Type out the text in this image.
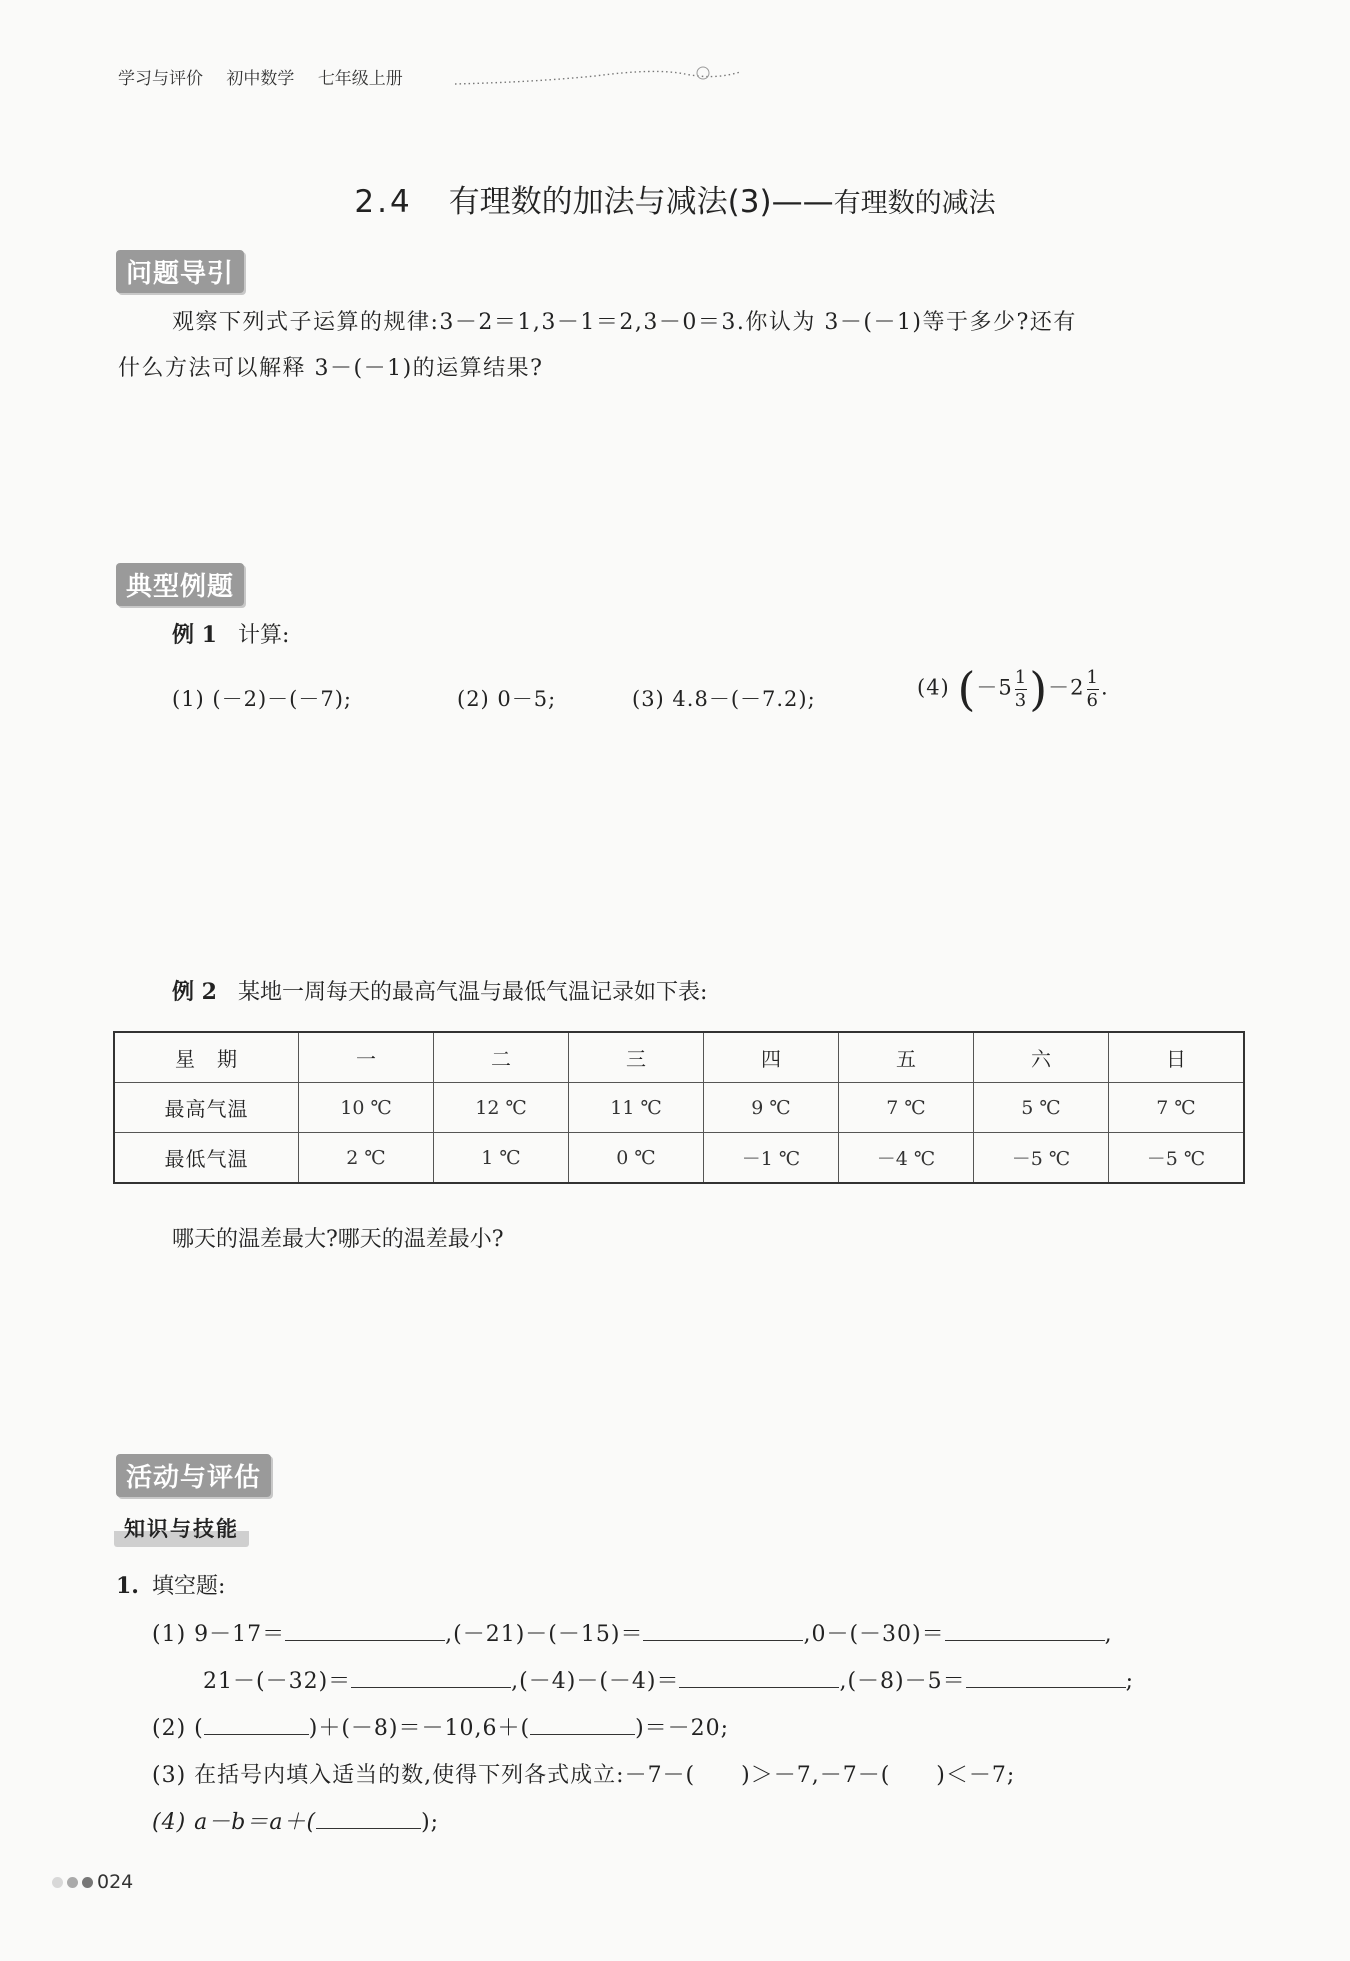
学习与评价 初中数学 七年级上册
2.4 有理数的加法与减法(3)——有理数的减法
问题导引
观察下列式子运算的规律:3－2＝1,3－1＝2,3－0＝3.你认为 3－(－1)等于多少?还有
什么方法可以解释 3－(－1)的运算结果?
典型例题
例 1 计算:
(1) (－2)－(－7);	(2) 0－5;	(3) 4.8－(－7.2);	(4) $(-5 \frac{1}{3} )-2 \frac{1}{6}$ .
例 2 某地一周每天的最高气温与最低气温记录如下表:
星　期	一	二	三	四	五	六	日
最高气温	10 ℃	12 ℃	11 ℃	9 ℃	7 ℃	5 ℃	7 ℃
最低气温	2 ℃	1 ℃	0 ℃	－1 ℃	－4 ℃	－5 ℃	－5 ℃
哪天的温差最大?哪天的温差最小?
活动与评估
知识与技能
1. 填空题:
(1) 9－17＝	,(－21)－(－15)＝	,0－(－30)＝	,
21－(－32)＝	,(－4)－(－4)＝	,(－8)－5＝	;
(2) (	)＋(－8)＝－10,6＋(	)＝－20;
(3) 在括号内填入适当的数,使得下列各式成立:－7－(　　)＞－7,－7－(　　)＜－7;
(4) a－b＝a＋(	);
024
